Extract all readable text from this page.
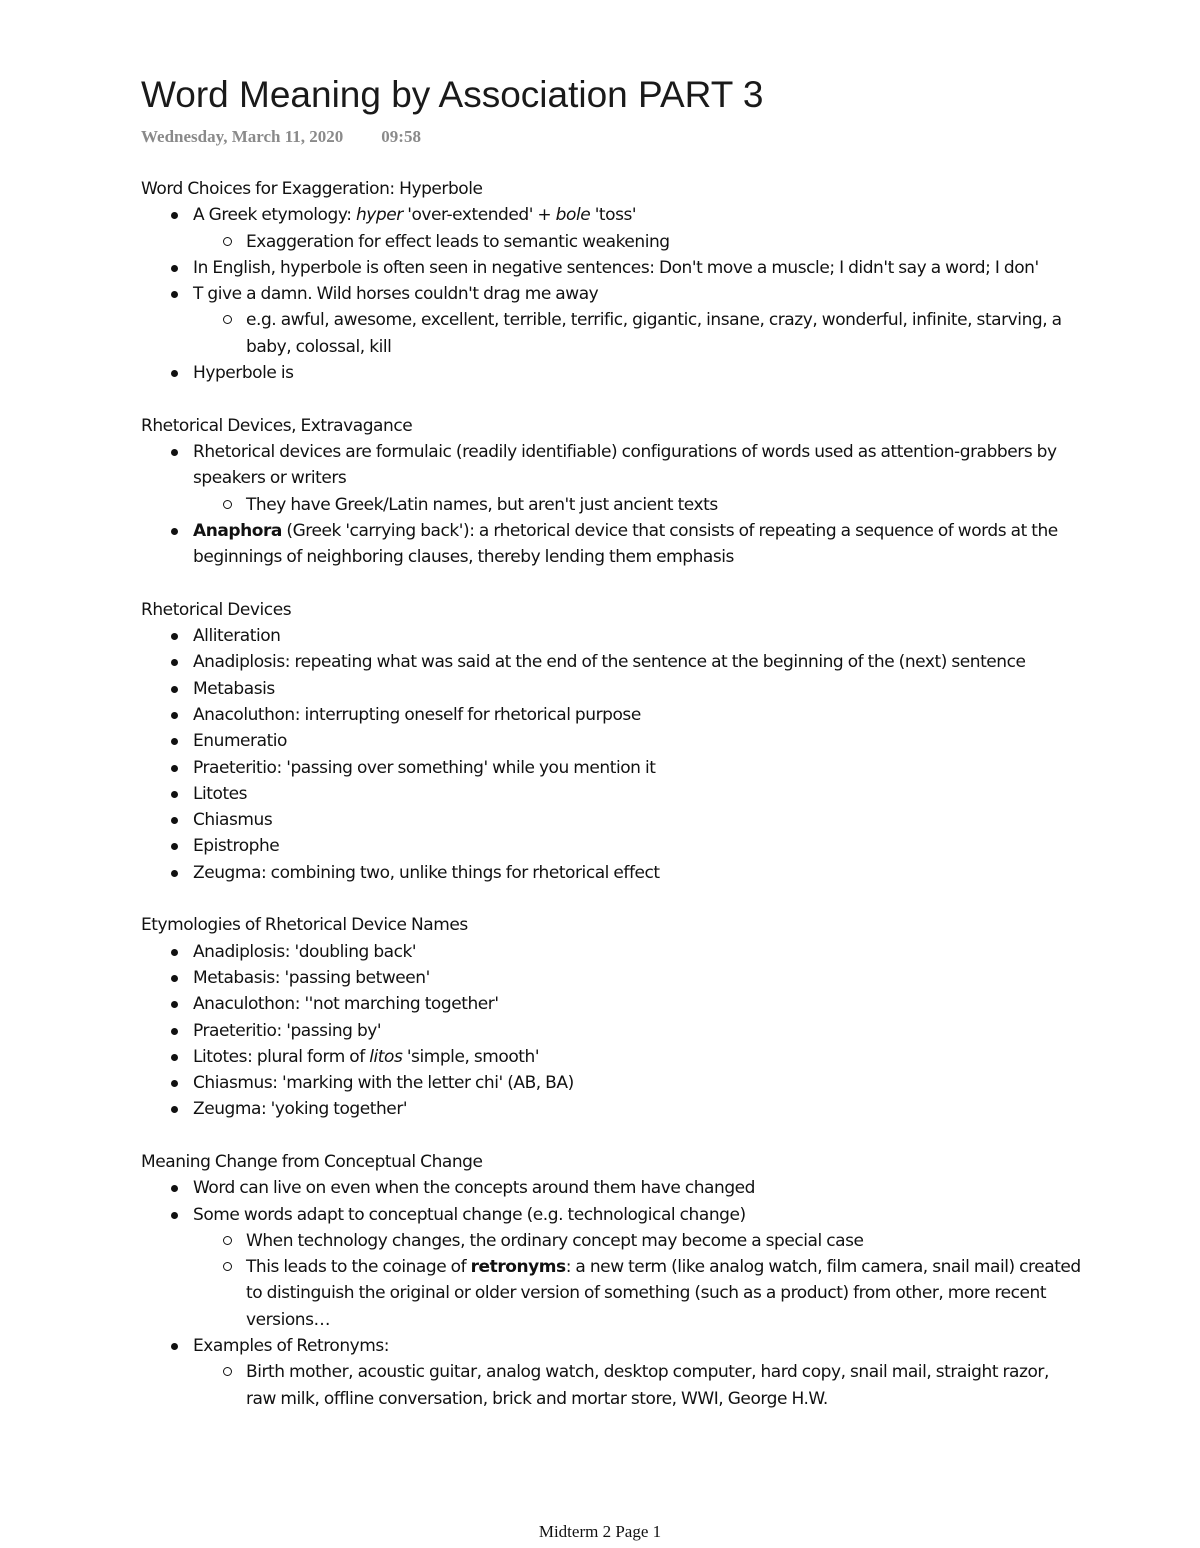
Word Meaning by Association PART 3
Wednesday, March 11, 2020 09:58
Word Choices for Exaggeration: Hyperbole
A Greek etymology: hyper 'over-extended' + bole 'toss'
Exaggeration for effect leads to semantic weakening
In English, hyperbole is often seen in negative sentences: Don't move a muscle; I didn't say a word; I don'
T give a damn. Wild horses couldn't drag me away
e.g. awful, awesome, excellent, terrible, terrific, gigantic, insane, crazy, wonderful, infinite, starving, a baby, colossal, kill
Hyperbole is
Rhetorical Devices, Extravagance
Rhetorical devices are formulaic (readily identifiable) configurations of words used as attention-grabbers by speakers or writers
They have Greek/Latin names, but aren't just ancient texts
Anaphora (Greek 'carrying back'): a rhetorical device that consists of repeating a sequence of words at the beginnings of neighboring clauses, thereby lending them emphasis
Rhetorical Devices
Alliteration
Anadiplosis: repeating what was said at the end of the sentence at the beginning of the (next) sentence
Metabasis
Anacoluthon: interrupting oneself for rhetorical purpose
Enumeratio
Praeteritio: 'passing over something' while you mention it
Litotes
Chiasmus
Epistrophe
Zeugma: combining two, unlike things for rhetorical effect
Etymologies of Rhetorical Device Names
Anadiplosis: 'doubling back'
Metabasis: 'passing between'
Anaculothon: ''not marching together'
Praeteritio: 'passing by'
Litotes: plural form of litos 'simple, smooth'
Chiasmus: 'marking with the letter chi' (AB, BA)
Zeugma: 'yoking together'
Meaning Change from Conceptual Change
Word can live on even when the concepts around them have changed
Some words adapt to conceptual change (e.g. technological change)
When technology changes, the ordinary concept may become a special case
This leads to the coinage of retronyms: a new term (like analog watch, film camera, snail mail) created to distinguish the original or older version of something (such as a product) from other, more recent versions…
Examples of Retronyms:
Birth mother, acoustic guitar, analog watch, desktop computer, hard copy, snail mail, straight razor, raw milk, offline conversation, brick and mortar store, WWI, George H.W.
Midterm 2 Page 1
